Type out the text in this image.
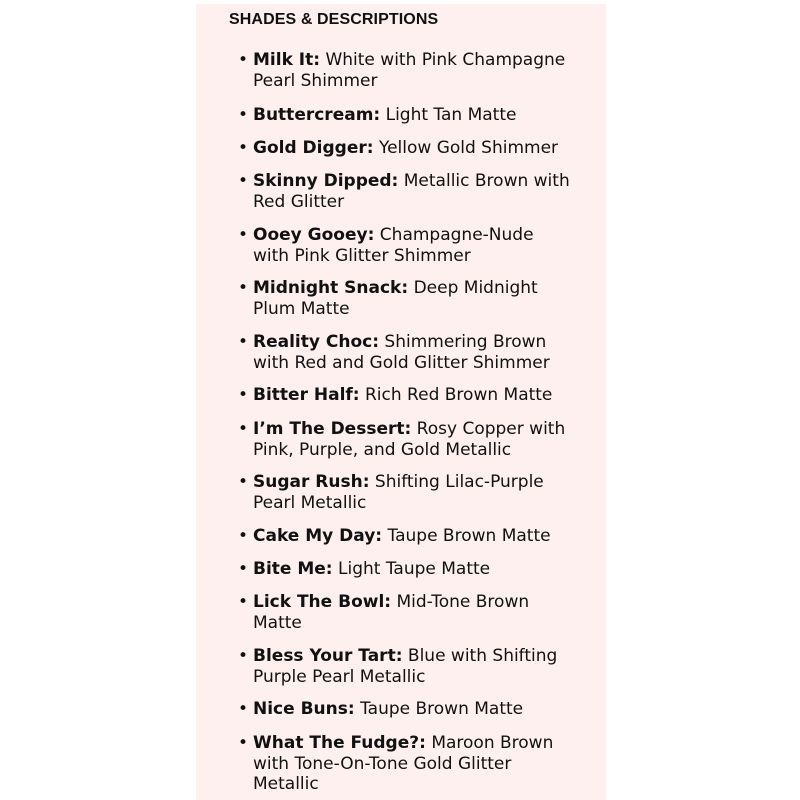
SHADES & DESCRIPTIONS
• Milk It: White with Pink Champagne
Pearl Shimmer
• Buttercream: Light Tan Matte
• Gold Digger: Yellow Gold Shimmer
• Skinny Dipped: Metallic Brown with
Red Glitter
• Ooey Gooey: Champagne-Nude
with Pink Glitter Shimmer
• Midnight Snack: Deep Midnight
Plum Matte
• Reality Choc: Shimmering Brown
with Red and Gold Glitter Shimmer
• Bitter Half: Rich Red Brown Matte
• I’m The Dessert: Rosy Copper with
Pink, Purple, and Gold Metallic
• Sugar Rush: Shifting Lilac-Purple
Pearl Metallic
• Cake My Day: Taupe Brown Matte
• Bite Me: Light Taupe Matte
• Lick The Bowl: Mid-Tone Brown
Matte
• Bless Your Tart: Blue with Shifting
Purple Pearl Metallic
• Nice Buns: Taupe Brown Matte
• What The Fudge?: Maroon Brown
with Tone-On-Tone Gold Glitter
Metallic
